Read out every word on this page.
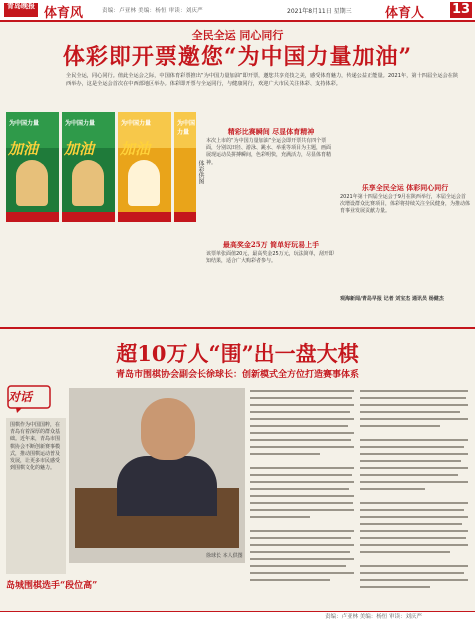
青岛晚报 体育风	责编：卢亚林 美编：杨恒 审读：刘庆严	2021年8月11日 星期三	体育人 13
全民全运 同心同行
体彩即开票邀您“为中国力量加油”
全民全运，同心同行。值此全运会之际，中国体育彩票推出“为中国力量加油”即开票，邀您共享竞技之美，感受体育魅力，传递公益正能量。2021年，第十四届全运会在陕西举办，这是全运会首次在中西部地区举办。体彩即开票与全运同行，与健康同行，欢迎广大市民关注体彩、支持体彩。
为中国力量
加油
为中国力量
加油
为中国力量
加油
为中国力量
体彩供图
精彩比赛瞬间 尽显体育精神
本次上市的“为中国力量加油”全运会即开票共有四个票面，分别以田径、游泳、跳水、举重等项目为主题，画面展现运动员拼搏瞬间，色彩明快，充满活力，尽显体育精神。
最高奖金25万 简单好玩易上手
该票单张面值20元，最高奖金25万元，玩法简单，刮开即知结果，适合广大购彩者参与。
乐享全民全运 体彩同心同行
2021年第十四届全运会于9月在陕西举行，本届全运会首次增设群众比赛项目，体彩将持续关注全民健身，为推动体育事业发展贡献力量。
观海新闻/青岛早报 记者 刘宝杰 通讯员 杨健杰
超10万人“围”出一盘大棋
青岛市围棋协会副会长徐球长：创新模式全方位打造赛事体系
对话

围棋作为中国国粹，在青岛有着深厚的群众基础。近年来，青岛市围棋协会不断创新赛事模式，推动围棋运动普及发展，让更多市民感受到围棋文化的魅力。

徐球长 本人供图
岛城围棋选手“段位高”
责编：卢亚林 美编：杨恒 审读：刘庆严
